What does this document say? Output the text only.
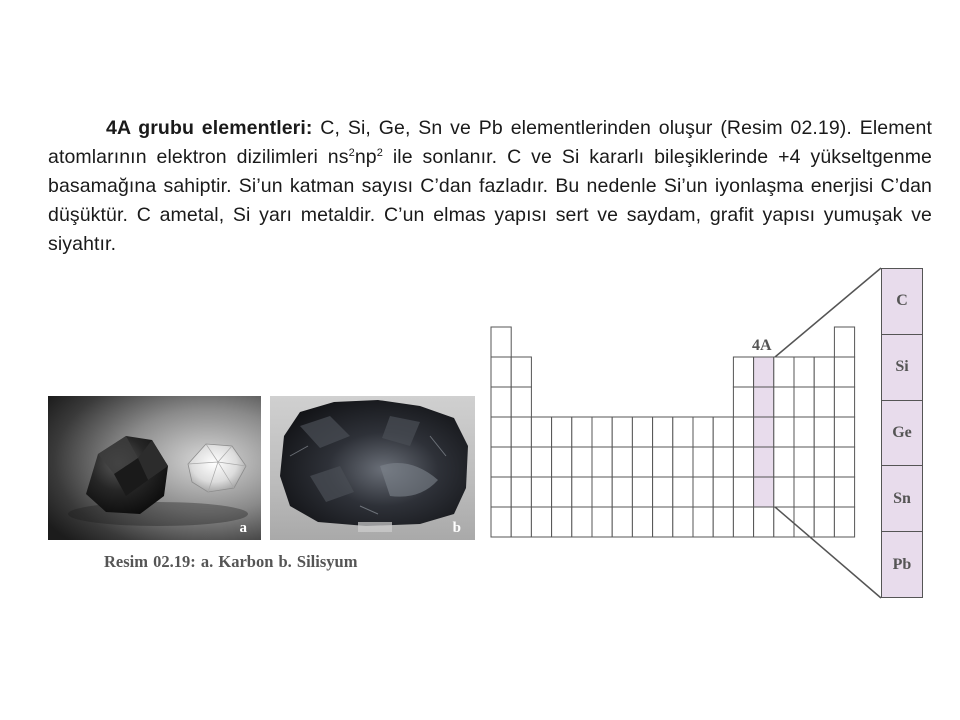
4A grubu elementleri: C, Si, Ge, Sn ve Pb elementlerinden oluşur (Resim 02.19). Element atomlarının elektron dizilimleri $ns^2np^2$ ile sonlanır. C ve Si kararlı bileşiklerinde +4 yükseltgenme basamağına sahiptir. Si’un katman sayısı C’dan fazladır. Bu nedenle Si’un iyonlaşma enerjisi C’dan düşüktür. C ametal, Si yarı metaldir. C’un elmas yapısı sert ve saydam, grafit yapısı yumuşak ve siyahtır.

a	b
Resim 02.19: a. Karbon b. Silisyum
4A
C
Si
Ge
Sn
Pb
